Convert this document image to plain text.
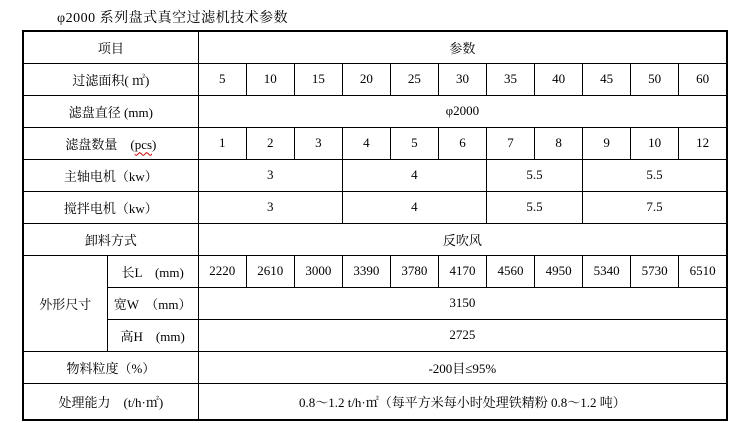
φ2000 系列盘式真空过滤机技术参数
项目		参数										
过滤面积( ㎡)		5	10	15	20	25	30	35	40	45	50	60
滤盘直径 (mm)		φ2000										
滤盘数量　(pcs)		1	2	3	4	5	6	7	8	9	10	12
主轴电机（kw）		3			4			5.5		5.5		
搅拌电机（kw）		3			4			5.5		7.5		
卸料方式		反吹风										
外形尺寸	长L　(mm)	2220	2610	3000	3390	3780	4170	4560	4950	5340	5730	6510
	宽W　（mm）	3150										
	高H　(mm)	2725										
物料粒度（%）		-200目≤95%										
处理能力　(t/h·㎡)		0.8～1.2 t/h·㎡（每平方米每小时处理铁精粉 0.8～1.2 吨）										
